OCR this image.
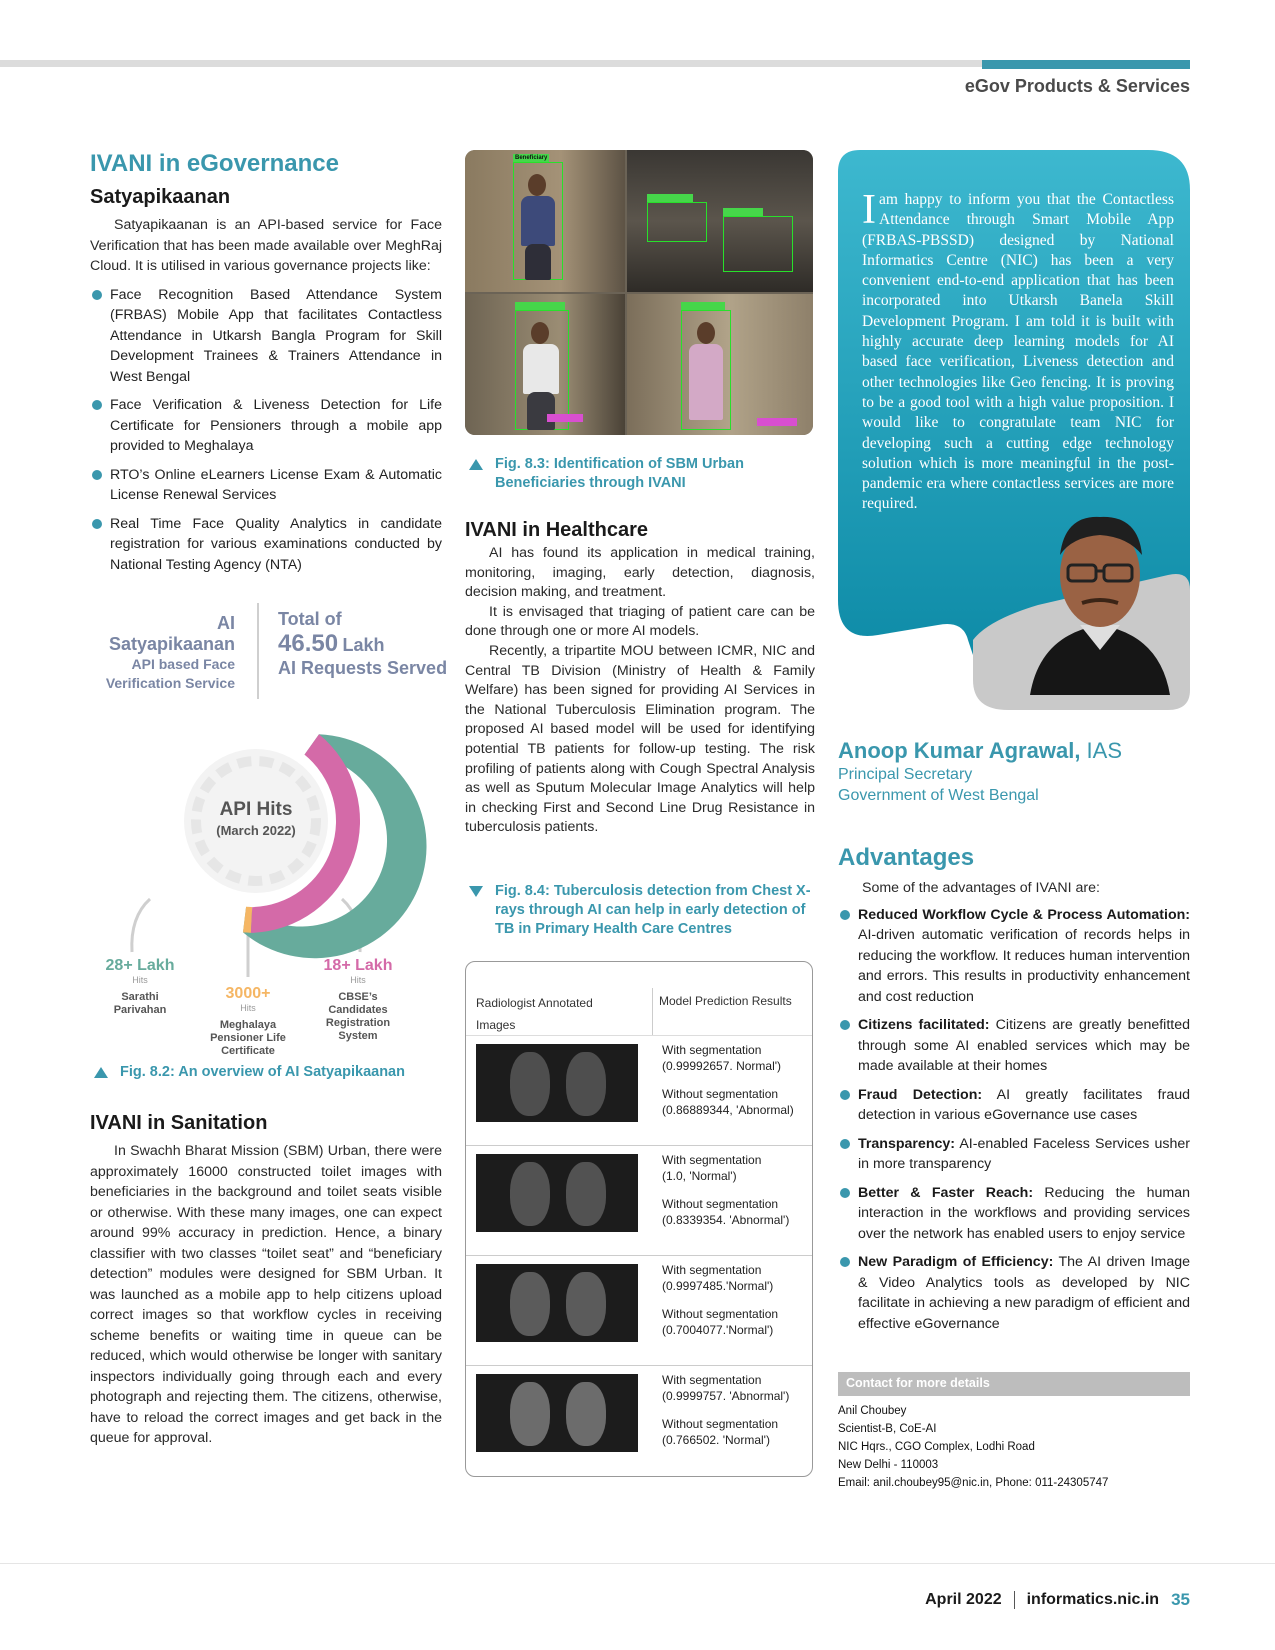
eGov Products & Services
IVANI in eGovernance
Satyapikaanan

Satyapikaanan is an API-based service for Face Verification that has been made available over MeghRaj Cloud. It is utilised in various governance projects like:

Face Recognition Based Attendance System (FRBAS) Mobile App that facilitates Contactless Attendance in Utkarsh Bangla Program for Skill Development Trainees & Trainers Attendance in West Bengal
Face Verification & Liveness Detection for Life Certificate for Pensioners through a mobile app provided to Meghalaya
RTO’s Online eLearners License Exam & Automatic License Renewal Services
Real Time Face Quality Analytics in candidate registration for various examinations conducted by National Testing Agency (NTA)
AI Satyapikaanan
API based Face
Verification Service
Total of
46.50 Lakh
AI Requests Served
API Hits
(March 2022)
28+ Lakh
Hits
Sarathi
Parivahan
3000+
Hits
Meghalaya
Pensioner Life
Certificate
18+ Lakh
Hits
CBSE’s
Candidates
Registration
System
Fig. 8.2: An overview of AI Satyapikaanan
IVANI in Sanitation

In Swachh Bharat Mission (SBM) Urban, there were approximately 16000 constructed toilet images with beneficiaries in the background and toilet seats visible or otherwise. With these many images, one can expect around 99% accuracy in prediction. Hence, a binary classifier with two classes “toilet seat” and “beneficiary detection” modules were designed for SBM Urban. It was launched as a mobile app to help citizens upload correct images so that workflow cycles in receiving scheme benefits or waiting time in queue can be reduced, which would otherwise be longer with sanitary inspectors individually going through each and every photograph and rejecting them. The citizens, otherwise, have to reload the correct images and get back in the queue for approval.

Beneficiary
Fig. 8.3: Identification of SBM Urban
Beneficiaries through IVANI
IVANI in Healthcare

AI has found its application in medical training, monitoring, imaging, early detection, diagnosis, decision making, and treatment.

It is envisaged that triaging of patient care can be done through one or more AI models.

Recently, a tripartite MOU between ICMR, NIC and Central TB Division (Ministry of Health & Family Welfare) has been signed for providing AI Services in the National Tuberculosis Elimination program. The proposed AI based model will be used for identifying potential TB patients for follow-up testing. The risk profiling of patients along with Cough Spectral Analysis as well as Sputum Molecular Image Analytics will help in checking First and Second Line Drug Resistance in tuberculosis patients.

Fig. 8.4: Tuberculosis detection from Chest X-rays through AI can help in early detection of TB in Primary Health Care Centres
Radiologist Annotated
Images
Model Prediction Results
With segmentation
(0.99992657. Normal')
Without segmentation
(0.86889344, 'Abnormal)
With segmentation
(1.0, 'Normal')
Without segmentation
(0.8339354. 'Abnormal')
With segmentation
(0.9997485.'Normal')
Without segmentation
(0.7004077.'Normal')
With segmentation
(0.9999757. 'Abnormal')
Without segmentation
(0.766502. 'Normal')
Iam happy to inform you that the Contactless Attendance through Smart Mobile App (FRBAS-PBSSD) designed by National Informatics Centre (NIC) has been a very convenient end-to-end application that has been incorporated into Utkarsh Banela Skill Development Program. I am told it is built with highly accurate deep learning models for AI based face verification, Liveness detection and other technologies like Geo fencing. It is proving to be a good tool with a high value proposition. I would like to congratulate team NIC for developing such a cutting edge technology solution which is more meaningful in the post-pandemic era where contactless services are more required.
Anoop Kumar Agrawal, IAS
Principal Secretary
Government of West Bengal
Advantages

Some of the advantages of IVANI are:

Reduced Workflow Cycle & Process Automation: AI-driven automatic verification of records helps in reducing the workflow. It reduces human intervention and errors. This results in productivity enhancement and cost reduction
Citizens facilitated: Citizens are greatly benefitted through some AI enabled services which may be made available at their homes
Fraud Detection: AI greatly facilitates fraud detection in various eGovernance use cases
Transparency: AI-enabled Faceless Services usher in more transparency
Better & Faster Reach: Reducing the human interaction in the workflows and providing services over the network has enabled users to enjoy service
New Paradigm of Efficiency: The AI driven Image & Video Analytics tools as developed by NIC facilitate in achieving a new paradigm of efficient and effective eGovernance
Contact for more details
Anil Choubey
Scientist-B, CoE-AI
NIC Hqrs., CGO Complex, Lodhi Road
New Delhi - 110003
Email: anil.choubey95@nic.in, Phone: 011-24305747
April 2022 informatics.nic.in 35
